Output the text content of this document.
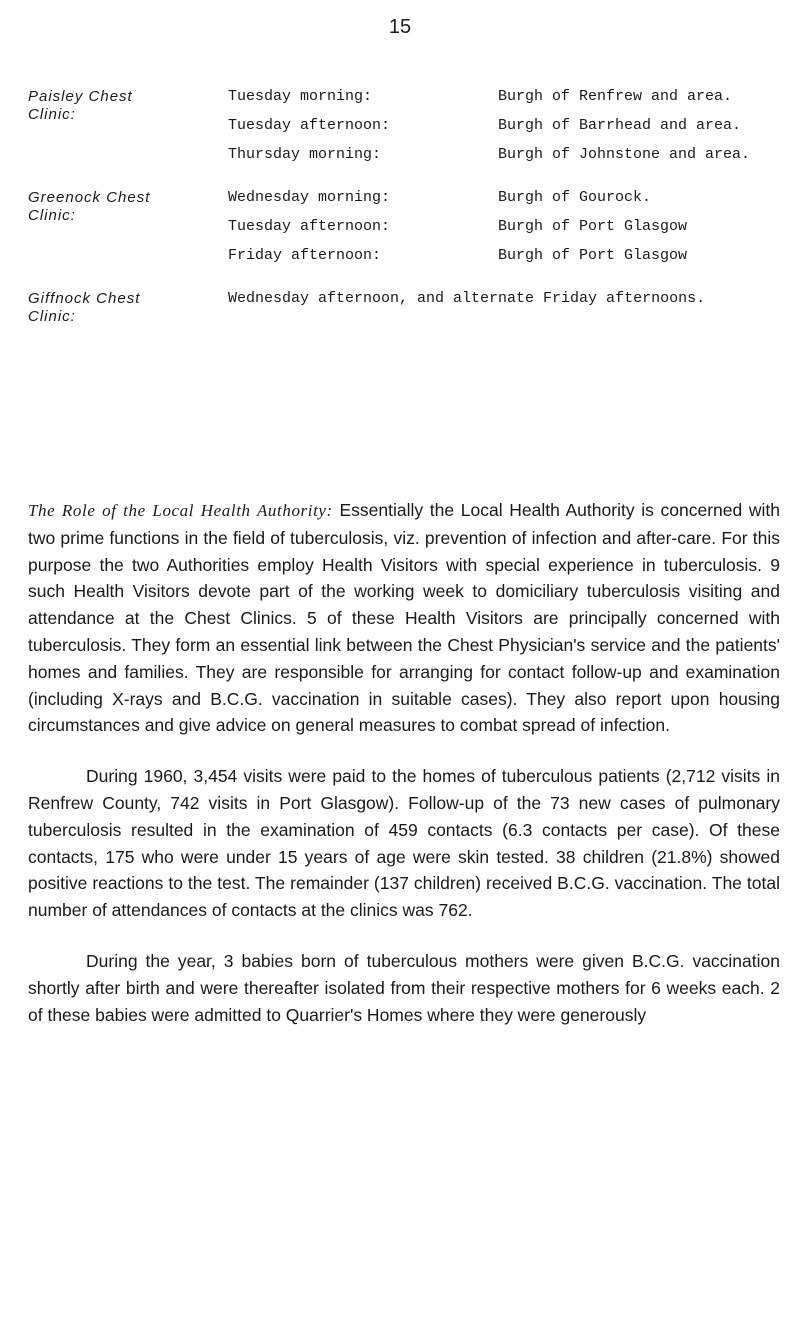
15
Paisley Chest
Clinic:
Tuesday morning:	Burgh of Renfrew and area.
Tuesday afternoon:	Burgh of Barrhead and area.
Thursday morning:	Burgh of Johnstone and area.
Greenock Chest
Clinic:
Wednesday morning:	Burgh of Gourock.
Tuesday afternoon:	Burgh of Port Glasgow
Friday afternoon:	Burgh of Port Glasgow
Giffnock Chest
Clinic:
Wednesday afternoon, and alternate Friday afternoons.

The Role of the Local Health Authority: Essentially the Local Health Authority is concerned with two prime functions in the field of tuberculosis, viz. prevention of infection and after-care. For this purpose the two Authorities employ Health Visitors with special experience in tuberculosis. 9 such Health Visitors devote part of the working week to domiciliary tuberculosis visiting and attendance at the Chest Clinics. 5 of these Health Visitors are principally concerned with tuberculosis. They form an essential link between the Chest Physician's service and the patients' homes and families. They are responsible for arranging for contact follow-up and examination (including X-rays and B.C.G. vaccination in suitable cases). They also report upon housing circumstances and give advice on general measures to combat spread of infection.

During 1960, 3,454 visits were paid to the homes of tuberculous patients (2,712 visits in Renfrew County, 742 visits in Port Glasgow). Follow-up of the 73 new cases of pulmonary tuberculosis resulted in the examination of 459 contacts (6.3 contacts per case). Of these contacts, 175 who were under 15 years of age were skin tested. 38 children (21.8%) showed positive reactions to the test. The remainder (137 children) received B.C.G. vaccination. The total number of attendances of contacts at the clinics was 762.

During the year, 3 babies born of tuberculous mothers were given B.C.G. vaccination shortly after birth and were thereafter isolated from their respective mothers for 6 weeks each. 2 of these babies were admitted to Quarrier's Homes where they were generously
